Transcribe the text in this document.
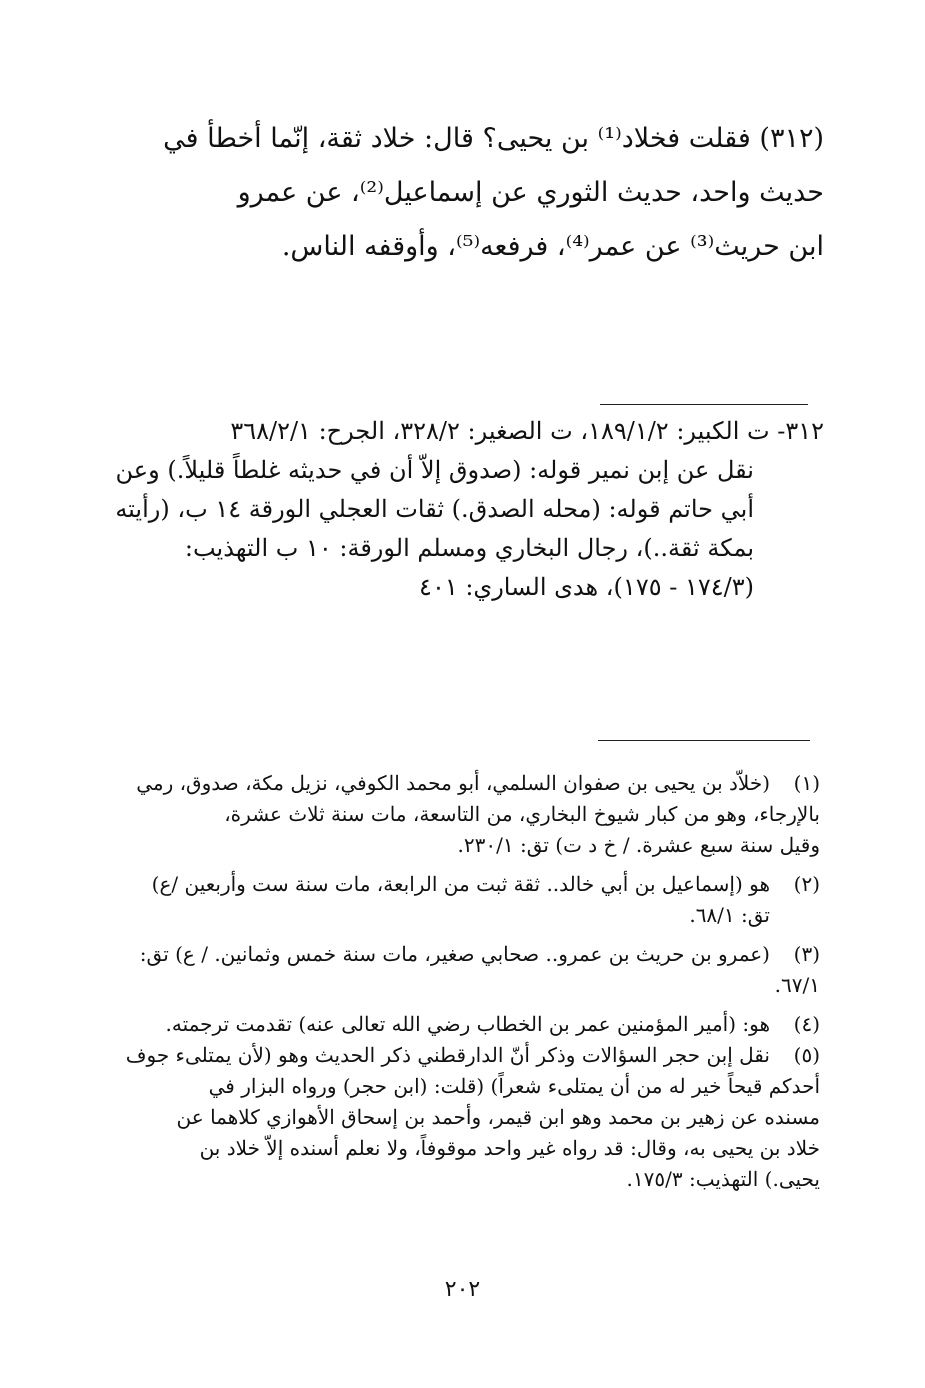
(٣١٢) فقلت فخلاد⁽¹⁾ بن يحيى؟ قال: خلاد ثقة، إنّما أخطأ في
حديث واحد، حديث الثوري عن إسماعيل⁽²⁾، عن عمرو
ابن حريث⁽³⁾ عن عمر⁽⁴⁾، فرفعه⁽⁵⁾، وأوقفه الناس.
٣١٢- ت الكبير: ١٨٩/١/٢، ت الصغير: ٣٢٨/٢، الجرح: ٣٦٨/٢/١
نقل عن إبن نمير قوله: (صدوق إلاّ أن في حديثه غلطاً قليلاً.) وعن
أبي حاتم قوله: (محله الصدق.) ثقات العجلي الورقة ١٤ ب، (رأيته
بمكة ثقة..)، رجال البخاري ومسلم الورقة: ١٠ ب التهذيب:
(١٧٤/٣ - ١٧٥)، هدى الساري: ٤٠١
(١)
(خلاّد بن يحيى بن صفوان السلمي، أبو محمد الكوفي، نزيل مكة، صدوق، رمي
بالإرجاء، وهو من كبار شيوخ البخاري، من التاسعة، مات سنة ثلاث عشرة،
وقيل سنة سبع عشرة. / خ د ت) تق: ٢٣٠/١.
(٢)
هو (إسماعيل بن أبي خالد.. ثقة ثبت من الرابعة، مات سنة ست وأربعين /ع)
تق: ٦٨/١.
(٣)
(عمرو بن حريث بن عمرو.. صحابي صغير، مات سنة خمس وثمانين. / ع) تق:
٦٧/١.
(٤)
هو: (أمير المؤمنين عمر بن الخطاب رضي الله تعالى عنه) تقدمت ترجمته.
(٥)
نقل إبن حجر السؤالات وذكر أنّ الدارقطني ذكر الحديث وهو (لأن يمتلىء جوف
أحدكم قيحاً خير له من أن يمتلىء شعراً) (قلت: (ابن حجر) ورواه البزار في
مسنده عن زهير بن محمد وهو ابن قيمر، وأحمد بن إسحاق الأهوازي كلاهما عن
خلاد بن يحيى به، وقال: قد رواه غير واحد موقوفاً، ولا نعلم أسنده إلاّ خلاد بن
يحيى.) التهذيب: ١٧٥/٣.
٢٠٢
